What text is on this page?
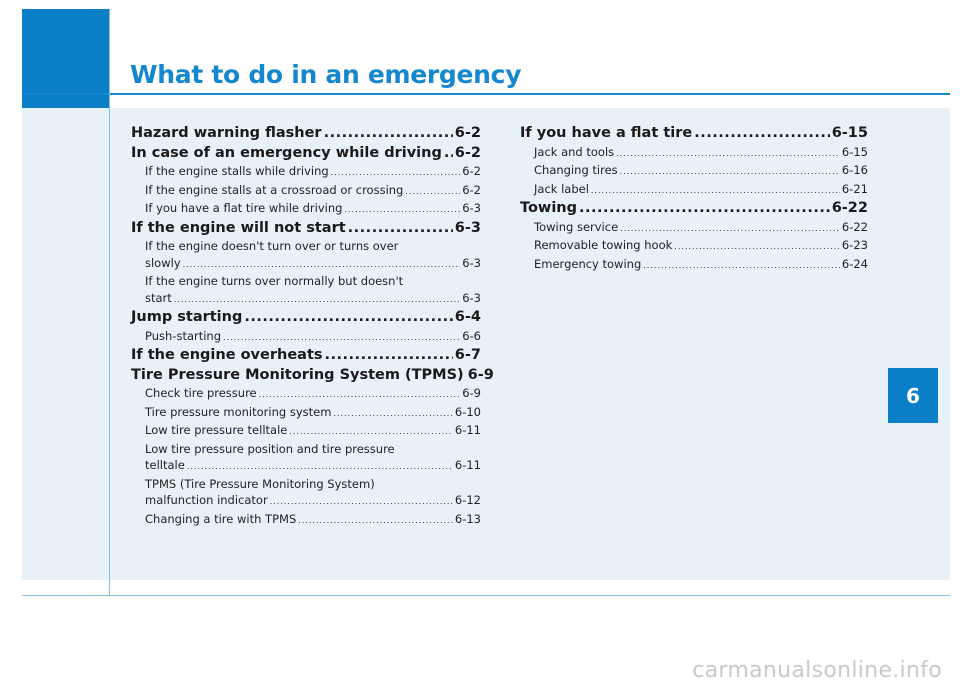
What to do in an emergency
6
Hazard warning flasher .....	6-2
In case of an emergency while driving ..... 6-2
If the engine stalls while driving .....	6-2
If the engine stalls at a crossroad or crossing .....	6-2
If you have a flat tire while driving .....	6-3
If the engine will not start .....	6-3
If the engine doesn't turn over or turns over
slowly .....	6-3
If the engine turns over normally but doesn't
start .....	6-3
Jump starting .....	6-4
Push-starting .....	6-6
If the engine overheats .....	6-7
Tire Pressure Monitoring System (TPMS) 6-9
Check tire pressure .....	6-9
Tire pressure monitoring system .....	6-10
Low tire pressure telltale .....	6-11
Low tire pressure position and tire pressure
telltale .....	6-11
TPMS (Tire Pressure Monitoring System)
malfunction indicator .....	6-12
Changing a tire with TPMS .....	6-13
If you have a flat tire .....	6-15
Jack and tools .....	6-15
Changing tires .....	6-16
Jack label .....	6-21
Towing .....	6-22
Towing service .....	6-22
Removable towing hook .....	6-23
Emergency towing .....	6-24
carmanualsonline.info
